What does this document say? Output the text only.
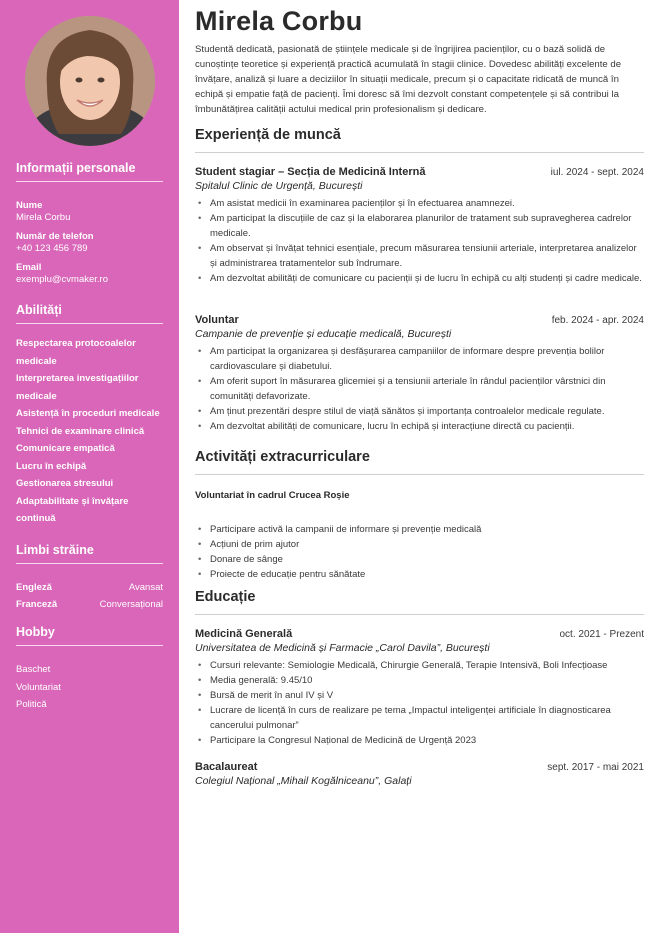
Informații personale
Nume
Mirela Corbu
Număr de telefon
+40 123 456 789
Email
exemplu@cvmaker.ro
Abilități
Respectarea protocoalelor medicale
Interpretarea investigațiilor medicale
Asistență în proceduri medicale
Tehnici de examinare clinică
Comunicare empatică
Lucru în echipă
Gestionarea stresului
Adaptabilitate și învățare continuă
Limbi străine
Engleză	Avansat
Franceză	Conversațional
Hobby
Baschet
Voluntariat
Politică
Mirela Corbu

Studentă dedicată, pasionată de științele medicale și de îngrijirea pacienților, cu o bază solidă de cunoștințe teoretice și experiență practică acumulată în stagii clinice. Dovedesc abilități excelente de învățare, analiză și luare a deciziilor în situații medicale, precum și o capacitate ridicată de muncă în echipă și empatie față de pacienți. Îmi doresc să îmi dezvolt constant competențele și să contribui la îmbunătățirea calității actului medical prin profesionalism și dedicare.

Experiență de muncă
Student stagiar – Secția de Medicină Internă	iul. 2024 - sept. 2024
Spitalul Clinic de Urgență, București
• Am asistat medicii în examinarea pacienților și în efectuarea anamnezei.
• Am participat la discuțiile de caz și la elaborarea planurilor de tratament sub supravegherea cadrelor medicale.
• Am observat și învățat tehnici esențiale, precum măsurarea tensiunii arteriale, interpretarea analizelor și administrarea tratamentelor sub îndrumare.
• Am dezvoltat abilități de comunicare cu pacienții și de lucru în echipă cu alți studenți și cadre medicale.
Voluntar	feb. 2024 - apr. 2024
Campanie de prevenție și educație medicală, București
• Am participat la organizarea și desfășurarea campaniilor de informare despre prevenția bolilor cardiovasculare și diabetului.
• Am oferit suport în măsurarea glicemiei și a tensiunii arteriale în rândul pacienților vârstnici din comunități defavorizate.
• Am ținut prezentări despre stilul de viață sănătos și importanța controalelor medicale regulate.
• Am dezvoltat abilități de comunicare, lucru în echipă și interacțiune directă cu pacienții.
Activități extracurriculare
Voluntariat în cadrul Crucea Roșie
• Participare activă la campanii de informare și prevenție medicală
• Acțiuni de prim ajutor
• Donare de sânge
• Proiecte de educație pentru sănătate
Educație
Medicină Generală	oct. 2021 - Prezent
Universitatea de Medicină și Farmacie „Carol Davila”, București
• Cursuri relevante: Semiologie Medicală, Chirurgie Generală, Terapie Intensivă, Boli Infecțioase
• Media generală: 9.45/10
• Bursă de merit în anul IV și V
• Lucrare de licență în curs de realizare pe tema „Impactul inteligenței artificiale în diagnosticarea cancerului pulmonar”
• Participare la Congresul Național de Medicină de Urgență 2023
Bacalaureat	sept. 2017 - mai 2021
Colegiul Național „Mihail Kogălniceanu”, Galați
